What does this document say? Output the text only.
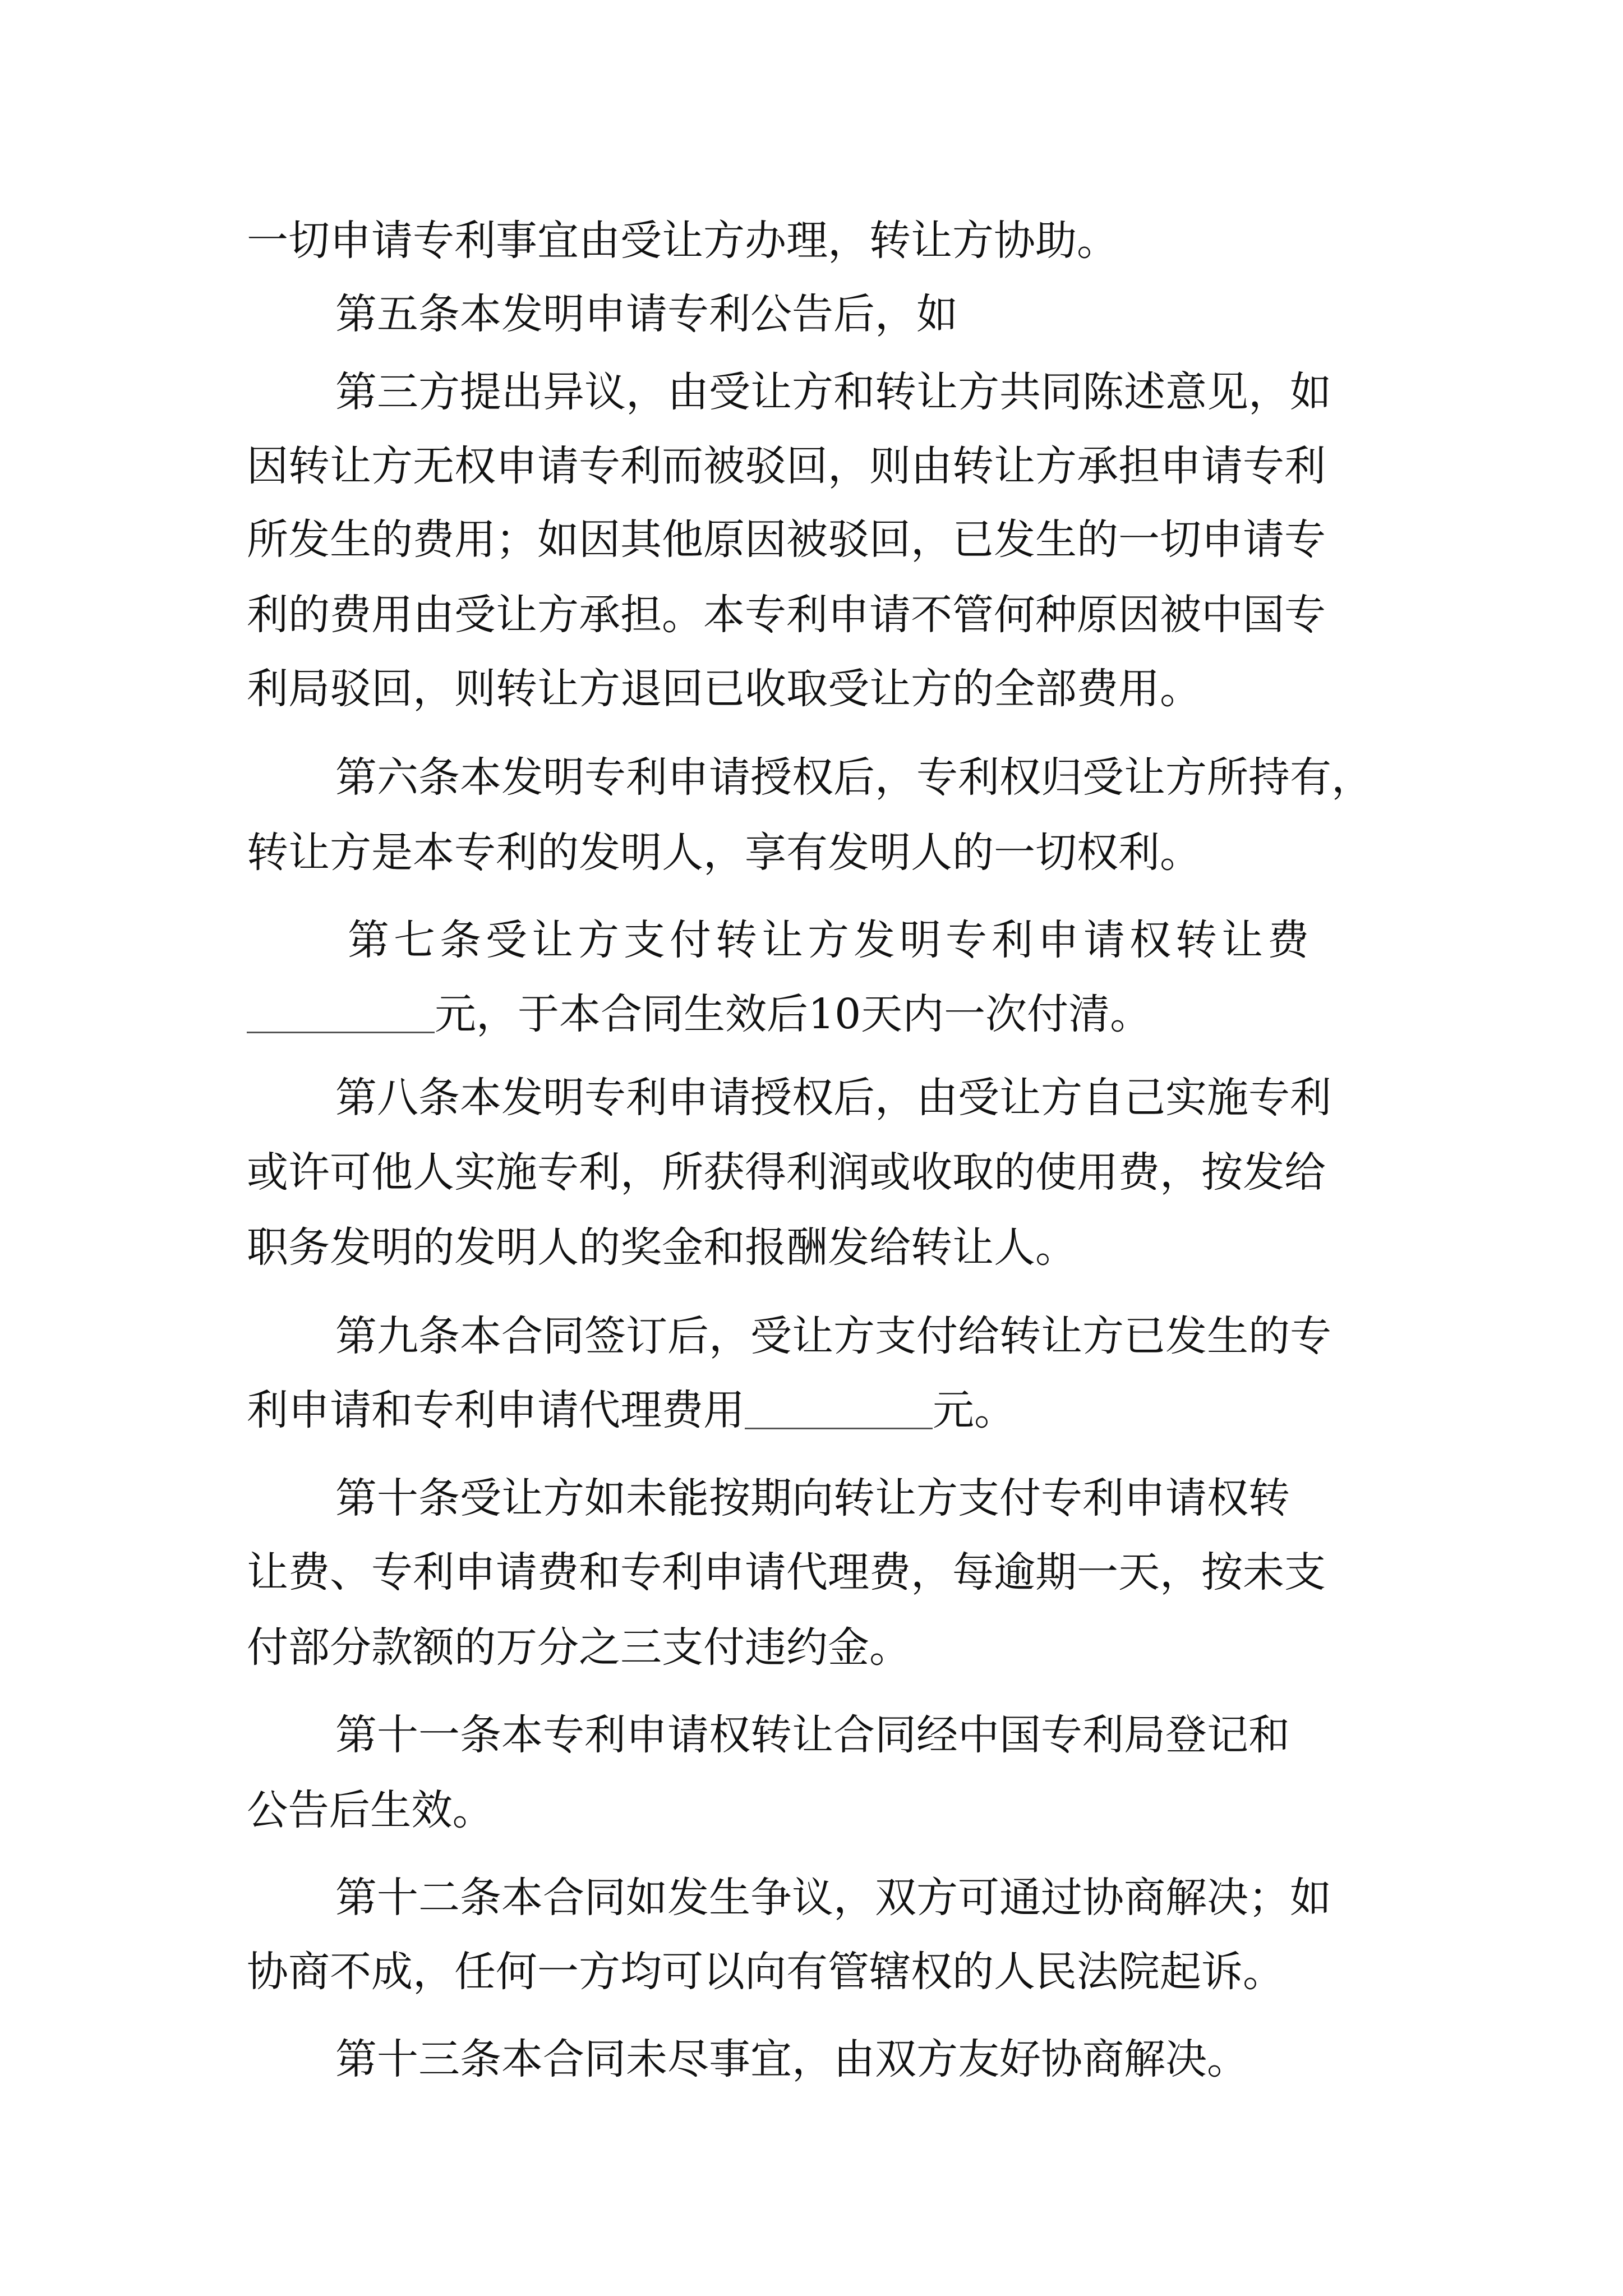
一切申请专利事宜由受让方办理，转让方协助。
第五条本发明申请专利公告后，如
第三方提出异议，由受让方和转让方共同陈述意见，如
因转让方无权申请专利而被驳回，则由转让方承担申请专利
所发生的费用；如因其他原因被驳回，已发生的一切申请专
利的费用由受让方承担。本专利申请不管何种原因被中国专
利局驳回，则转让方退回已收取受让方的全部费用。
第六条本发明专利申请授权后，专利权归受让方所持有，
转让方是本专利的发明人，享有发明人的一切权利。
第七条受让方支付转让方发明专利申请权转让费
元，于本合同生效后10天内一次付清。
第八条本发明专利申请授权后，由受让方自己实施专利
或许可他人实施专利，所获得利润或收取的使用费，按发给
职务发明的发明人的奖金和报酬发给转让人。
第九条本合同签订后，受让方支付给转让方已发生的专
利申请和专利申请代理费用	元。
第十条受让方如未能按期向转让方支付专利申请权转
让费、专利申请费和专利申请代理费，每逾期一天，按未支
付部分款额的万分之三支付违约金。
第十一条本专利申请权转让合同经中国专利局登记和
公告后生效。
第十二条本合同如发生争议，双方可通过协商解决；如
协商不成，任何一方均可以向有管辖权的人民法院起诉。
第十三条本合同未尽事宜，由双方友好协商解决。
